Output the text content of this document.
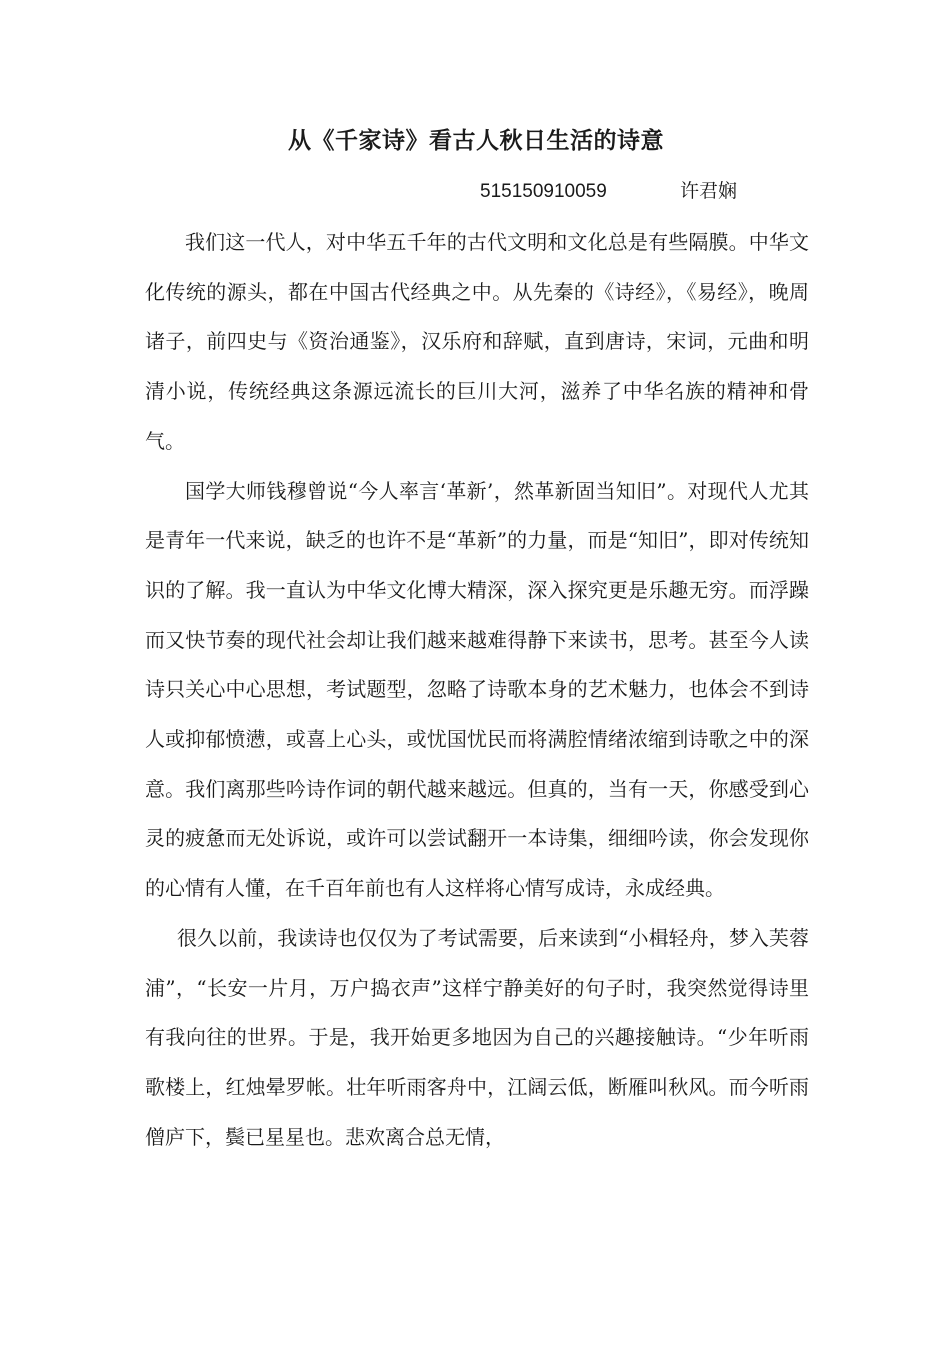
从《千家诗》看古人秋日生活的诗意
515150910059	许君娴

我们这一代人，对中华五千年的古代文明和文化总是有些隔膜。中华文化传统的源头，都在中国古代经典之中。从先秦的《诗经》，《易经》，晚周诸子，前四史与《资治通鉴》，汉乐府和辞赋，直到唐诗，宋词，元曲和明清小说，传统经典这条源远流长的巨川大河，滋养了中华名族的精神和骨气。

国学大师钱穆曾说“今人率言‘革新’，然革新固当知旧”。对现代人尤其是青年一代来说，缺乏的也许不是“革新”的力量，而是“知旧”，即对传统知识的了解。我一直认为中华文化博大精深，深入探究更是乐趣无穷。而浮躁而又快节奏的现代社会却让我们越来越难得静下来读书，思考。甚至今人读诗只关心中心思想，考试题型，忽略了诗歌本身的艺术魅力，也体会不到诗人或抑郁愤懑，或喜上心头，或忧国忧民而将满腔情绪浓缩到诗歌之中的深意。我们离那些吟诗作词的朝代越来越远。但真的，当有一天，你感受到心灵的疲惫而无处诉说，或许可以尝试翻开一本诗集，细细吟读，你会发现你的心情有人懂，在千百年前也有人这样将心情写成诗，永成经典。

很久以前，我读诗也仅仅为了考试需要，后来读到“小楫轻舟，梦入芙蓉浦”，“长安一片月，万户捣衣声”这样宁静美好的句子时，我突然觉得诗里有我向往的世界。于是，我开始更多地因为自己的兴趣接触诗。“少年听雨歌楼上，红烛晕罗帐。壮年听雨客舟中，江阔云低，断雁叫秋风。而今听雨僧庐下，鬓已星星也。悲欢离合总无情，
